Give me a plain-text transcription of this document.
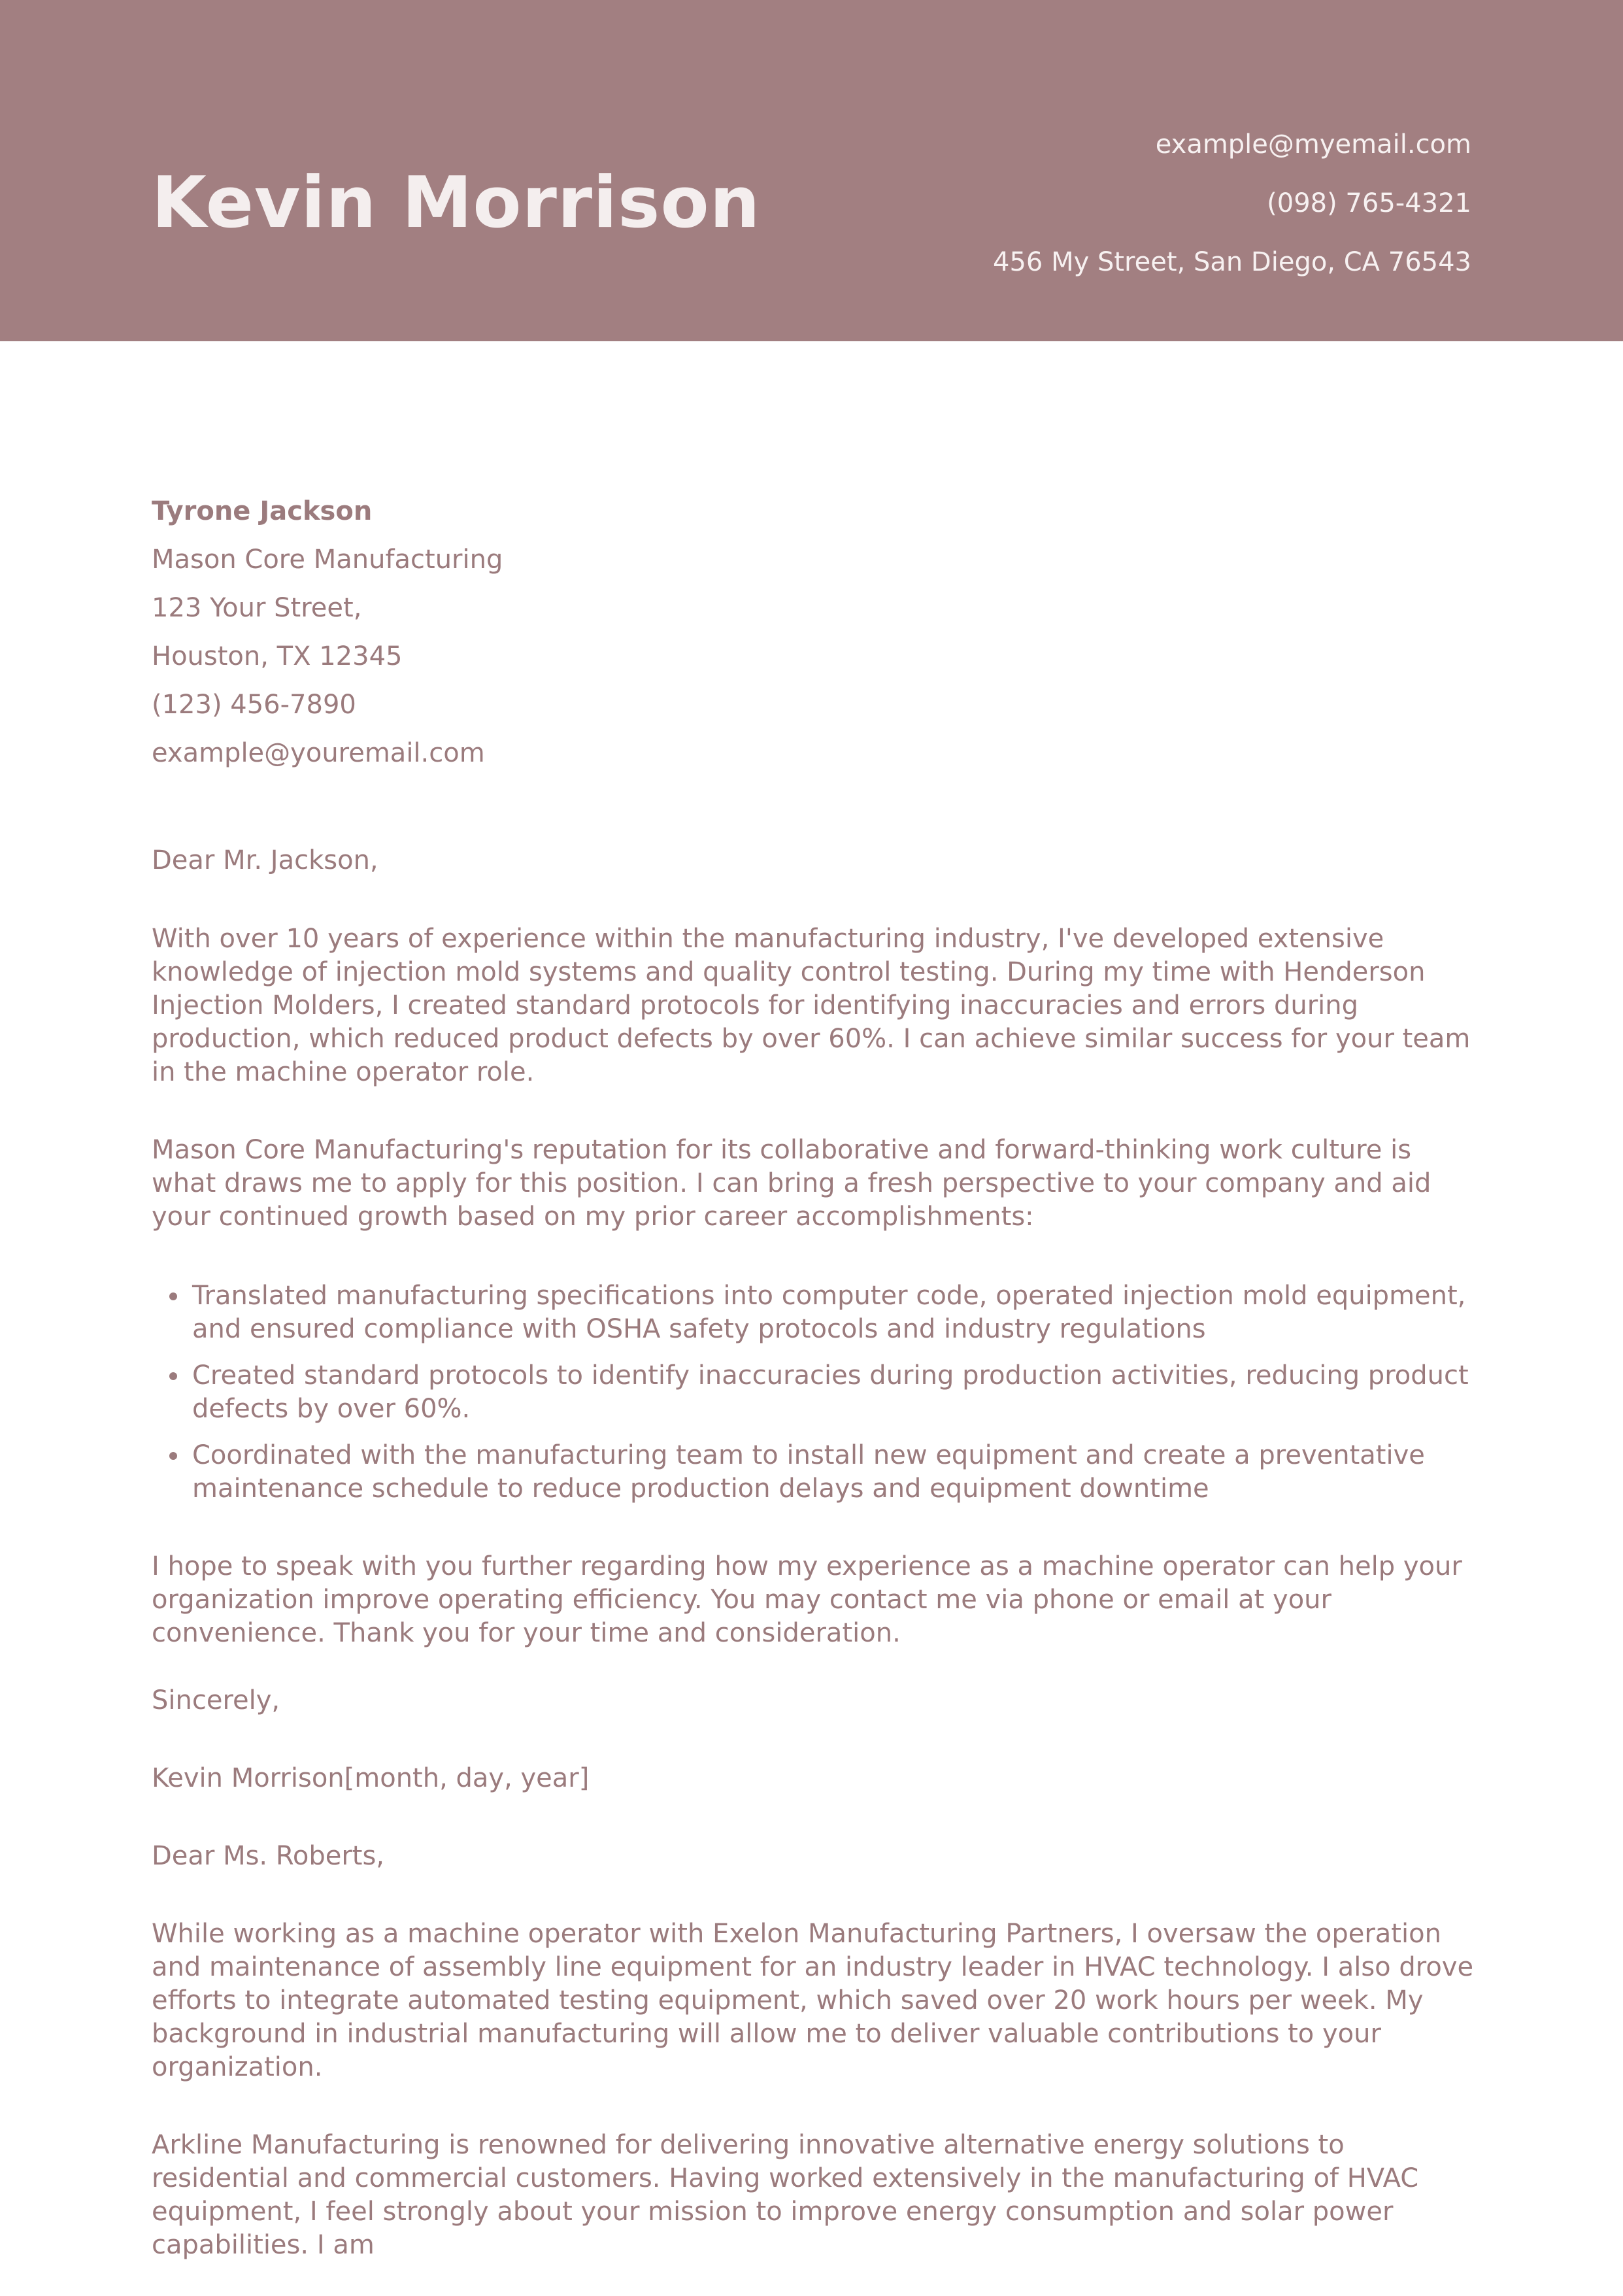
Kevin Morrison
example@myemail.com
(098) 765-4321
456 My Street, San Diego, CA 76543
Tyrone Jackson
Mason Core Manufacturing
123 Your Street,
Houston, TX 12345
(123) 456-7890
example@youremail.com
Dear Mr. Jackson,

With over 10 years of experience within the manufacturing industry, I've developed extensive knowledge of injection mold systems and quality control testing. During my time with Henderson Injection Molders, I created standard protocols for identifying inaccuracies and errors during production, which reduced product defects by over 60%. I can achieve similar success for your team in the machine operator role.

Mason Core Manufacturing's reputation for its collaborative and forward-thinking work culture is what draws me to apply for this position. I can bring a fresh perspective to your company and aid your continued growth based on my prior career accomplishments:

• Translated manufacturing specifications into computer code, operated injection mold equipment, and ensured compliance with OSHA safety protocols and industry regulations
• Created standard protocols to identify inaccuracies during production activities, reducing product defects by over 60%.
• Coordinated with the manufacturing team to install new equipment and create a preventative maintenance schedule to reduce production delays and equipment downtime

I hope to speak with you further regarding how my experience as a machine operator can help your organization improve operating efficiency. You may contact me via phone or email at your convenience. Thank you for your time and consideration.

Sincerely,
Kevin Morrison[month, day, year]
Dear Ms. Roberts,

While working as a machine operator with Exelon Manufacturing Partners, I oversaw the operation and maintenance of assembly line equipment for an industry leader in HVAC technology. I also drove efforts to integrate automated testing equipment, which saved over 20 work hours per week. My background in industrial manufacturing will allow me to deliver valuable contributions to your organization.

Arkline Manufacturing is renowned for delivering innovative alternative energy solutions to residential and commercial customers. Having worked extensively in the manufacturing of HVAC equipment, I feel strongly about your mission to improve energy consumption and solar power capabilities. I am
